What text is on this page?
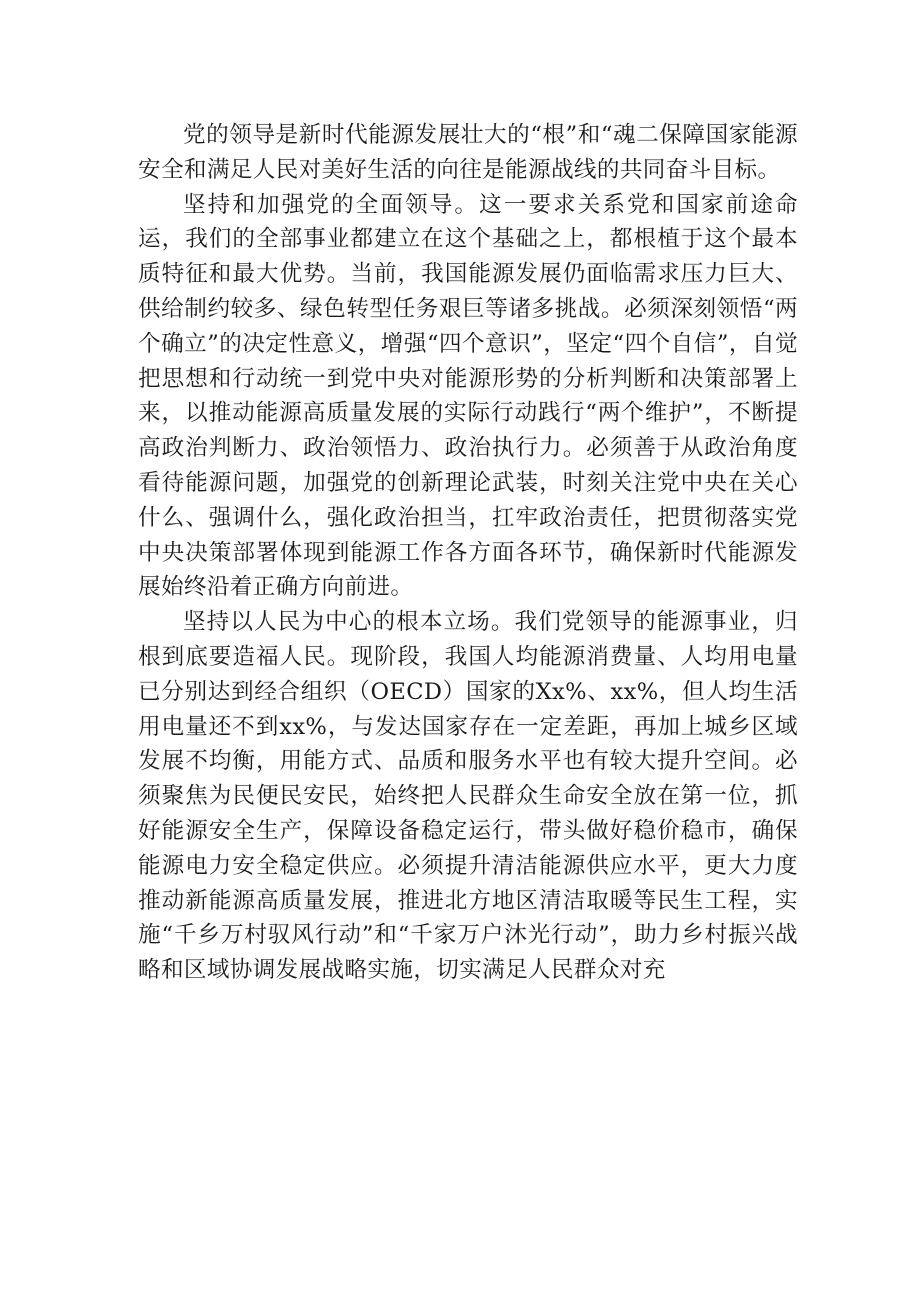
党的领导是新时代能源发展壮大的“根”和“魂二保障国家能源安全和满足人民对美好生活的向往是能源战线的共同奋斗目标。

坚持和加强党的全面领导。这一要求关系党和国家前途命运，我们的全部事业都建立在这个基础之上，都根植于这个最本质特征和最大优势。当前，我国能源发展仍面临需求压力巨大、供给制约较多、绿色转型任务艰巨等诸多挑战。必须深刻领悟“两个确立”的决定性意义，增强“四个意识”，坚定“四个自信”，自觉把思想和行动统一到党中央对能源形势的分析判断和决策部署上来，以推动能源高质量发展的实际行动践行“两个维护”，不断提高政治判断力、政治领悟力、政治执行力。必须善于从政治角度看待能源问题，加强党的创新理论武装，时刻关注党中央在关心什么、强调什么，强化政治担当，扛牢政治责任，把贯彻落实党中央决策部署体现到能源工作各方面各环节，确保新时代能源发展始终沿着正确方向前进。

坚持以人民为中心的根本立场。我们党领导的能源事业，归根到底要造福人民。现阶段，我国人均能源消费量、人均用电量已分别达到经合组织（OECD）国家的Xx%、xx%，但人均生活用电量还不到xx%，与发达国家存在一定差距，再加上城乡区域发展不均衡，用能方式、品质和服务水平也有较大提升空间。必须聚焦为民便民安民，始终把人民群众生命安全放在第一位，抓好能源安全生产，保障设备稳定运行，带头做好稳价稳市，确保能源电力安全稳定供应。必须提升清洁能源供应水平，更大力度推动新能源高质量发展，推进北方地区清洁取暖等民生工程，实施“千乡万村驭风行动”和“千家万户沐光行动”，助力乡村振兴战略和区域协调发展战略实施，切实满足人民群众对充
